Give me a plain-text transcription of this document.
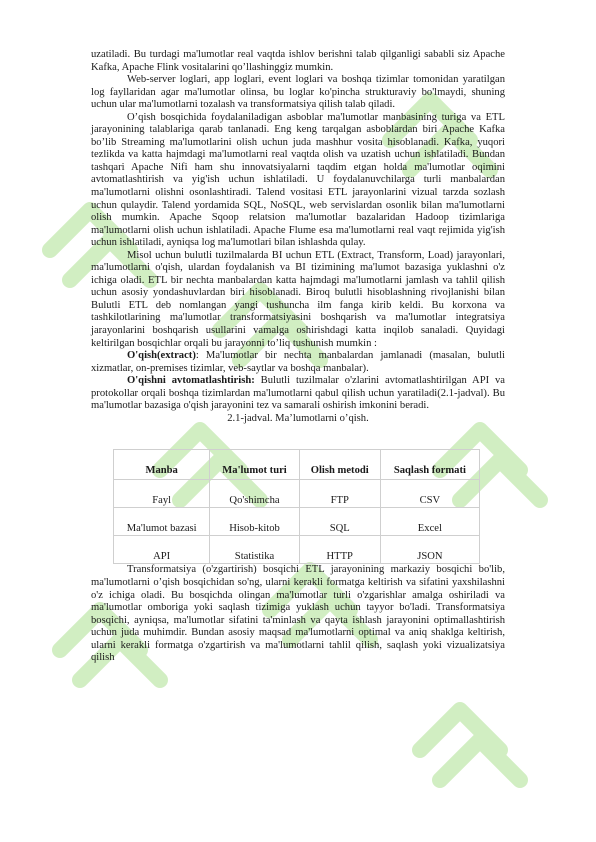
uzatiladi. Bu turdagi ma'lumotlar real vaqtda ishlov berishni talab qilganligi sababli siz Apache Kafka, Apache Flink vositalarini qo’llashinggiz mumkin.

Web-server loglari, app loglari, event loglari va boshqa tizimlar tomonidan yaratilgan log fayllaridan agar ma'lumotlar olinsa, bu loglar ko'pincha strukturaviy bo'lmaydi, shuning uchun ular ma'lumotlarni tozalash va transformatsiya qilish talab qiladi.

O’qish bosqichida foydalaniladigan asboblar ma'lumotlar manbasining turiga va ETL jarayonining talablariga qarab tanlanadi. Eng keng tarqalgan asboblardan biri Apache Kafka bo’lib Streaming ma'lumotlarini olish uchun juda mashhur vosita hisoblanadi. Kafka, yuqori tezlikda va katta hajmdagi ma'lumotlarni real vaqtda olish va uzatish uchun ishlatiladi. Bundan tashqari Apache Nifi ham shu innovatsiyalarni taqdim etgan holda ma'lumotlar oqimini avtomatlashtirish va yig'ish uchun ishlatiladi. U foydalanuvchilarga turli manbalardan ma'lumotlarni olishni osonlashtiradi. Talend vositasi ETL jarayonlarini vizual tarzda sozlash uchun qulaydir. Talend yordamida SQL, NoSQL, web servislardan osonlik bilan ma'lumotlarni olish mumkin. Apache Sqoop relatsion ma'lumotlar bazalaridan Hadoop tizimlariga ma'lumotlarni olish uchun ishlatiladi. Apache Flume esa ma'lumotlarni real vaqt rejimida yig'ish uchun ishlatiladi, ayniqsa log ma'lumotlari bilan ishlashda qulay.

Misol uchun bulutli tuzilmalarda BI uchun ETL (Extract, Transform, Load) jarayonlari, ma'lumotlarni o'qish, ulardan foydalanish va BI tizimining ma'lumot bazasiga yuklashni o'z ichiga oladi. ETL bir nechta manbalardan katta hajmdagi ma'lumotlarni jamlash va tahlil qilish uchun asosiy yondashuvlardan biri hisoblanadi. Biroq bulutli hisoblashning rivojlanishi bilan Bulutli ETL deb nomlangan yangi tushuncha ilm fanga kirib keldi. Bu korxona va tashkilotlarining ma'lumotlar transformatsiyasini boshqarish va ma'lumotlar integratsiya jarayonlarini boshqarish usullarini vamalga oshirishdagi katta inqilob sanaladi. Quyidagi keltirilgan bosqichlar orqali bu jarayonni to’liq tushunish mumkin :

O'qish(extract): Ma'lumotlar bir nechta manbalardan jamlanadi (masalan, bulutli xizmatlar, on-premises tizimlar, veb-saytlar va boshqa manbalar).

O'qishni avtomatlashtirish: Bulutli tuzilmalar o'zlarini avtomatlashtirilgan API va protokollar orqali boshqa tizimlardan ma'lumotlarni qabul qilish uchun yaratiladi(2.1-jadval). Bu ma'lumotlar bazasiga o'qish jarayonini tez va samarali oshirish imkonini beradi.

2.1-jadval. Ma’lumotlarni o’qish.

Manba	Ma'lumot turi	Olish metodi	Saqlash formati
Fayl	Qo'shimcha	FTP	CSV
Ma'lumot bazasi	Hisob-kitob	SQL	Excel
API	Statistika	HTTP	JSON

Transformatsiya (o'zgartirish) bosqichi ETL jarayonining markaziy bosqichi bo'lib, ma'lumotlarni o’qish bosqichidan so'ng, ularni kerakli formatga keltirish va sifatini yaxshilashni o'z ichiga oladi. Bu bosqichda olingan ma'lumotlar turli o'zgarishlar amalga oshiriladi va ma'lumotlar omboriga yoki saqlash tizimiga yuklash uchun tayyor bo'ladi. Transformatsiya bosqichi, ayniqsa, ma'lumotlar sifatini ta'minlash va qayta ishlash jarayonini optimallashtirish uchun juda muhimdir. Bundan asosiy maqsad ma'lumotlarni optimal va aniq shaklga keltirish, ularni kerakli formatga o'zgartirish va ma'lumotlarni tahlil qilish, saqlash yoki vizualizatsiya qilish
